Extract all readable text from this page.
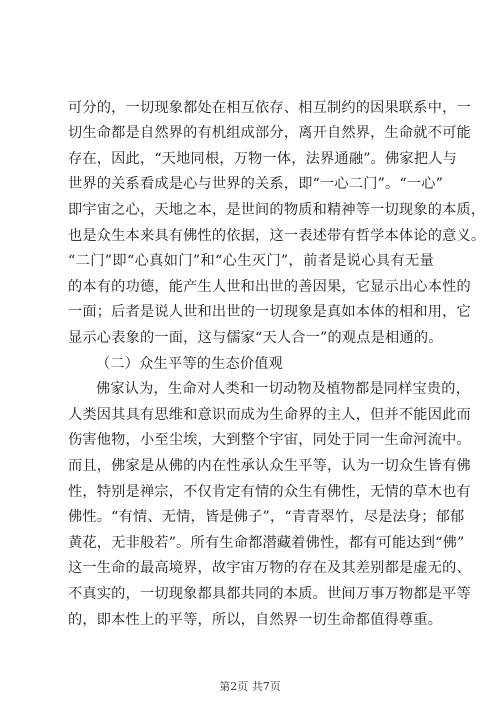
可分的，一切现象都处在相互依存、相互制约的因果联系中，一
切生命都是自然界的有机组成部分，离开自然界，生命就不可能
存在，因此，“天地同根，万物一体，法界通融”。佛家把人与
世界的关系看成是心与世界的关系，即“一心二门”。“一心”
即宇宙之心，天地之本，是世间的物质和精神等一切现象的本质，
也是众生本来具有佛性的依据，这一表述带有哲学本体论的意义。
“二门”即“心真如门”和“心生灭门”，前者是说心具有无量
的本有的功德，能产生人世和出世的善因果，它显示出心本性的
一面；后者是说人世和出世的一切现象是真如本体的相和用，它
显示心表象的一面，这与儒家“天人合一”的观点是相通的。
（二）众生平等的生态价值观
佛家认为，生命对人类和一切动物及植物都是同样宝贵的，
人类因其具有思维和意识而成为生命界的主人，但并不能因此而
伤害他物，小至尘埃，大到整个宇宙，同处于同一生命河流中。
而且，佛家是从佛的内在性承认众生平等，认为一切众生皆有佛
性，特别是禅宗，不仅肯定有情的众生有佛性，无情的草木也有
佛性。“有情、无情，皆是佛子”，“青青翠竹，尽是法身；郁郁
黄花，无非般若”。所有生命都潜藏着佛性，都有可能达到“佛”
这一生命的最高境界，故宇宙万物的存在及其差别都是虚无的、
不真实的，一切现象都具都共同的本质。世间万事万物都是平等
的，即本性上的平等，所以，自然界一切生命都值得尊重。
第2页 共7页
